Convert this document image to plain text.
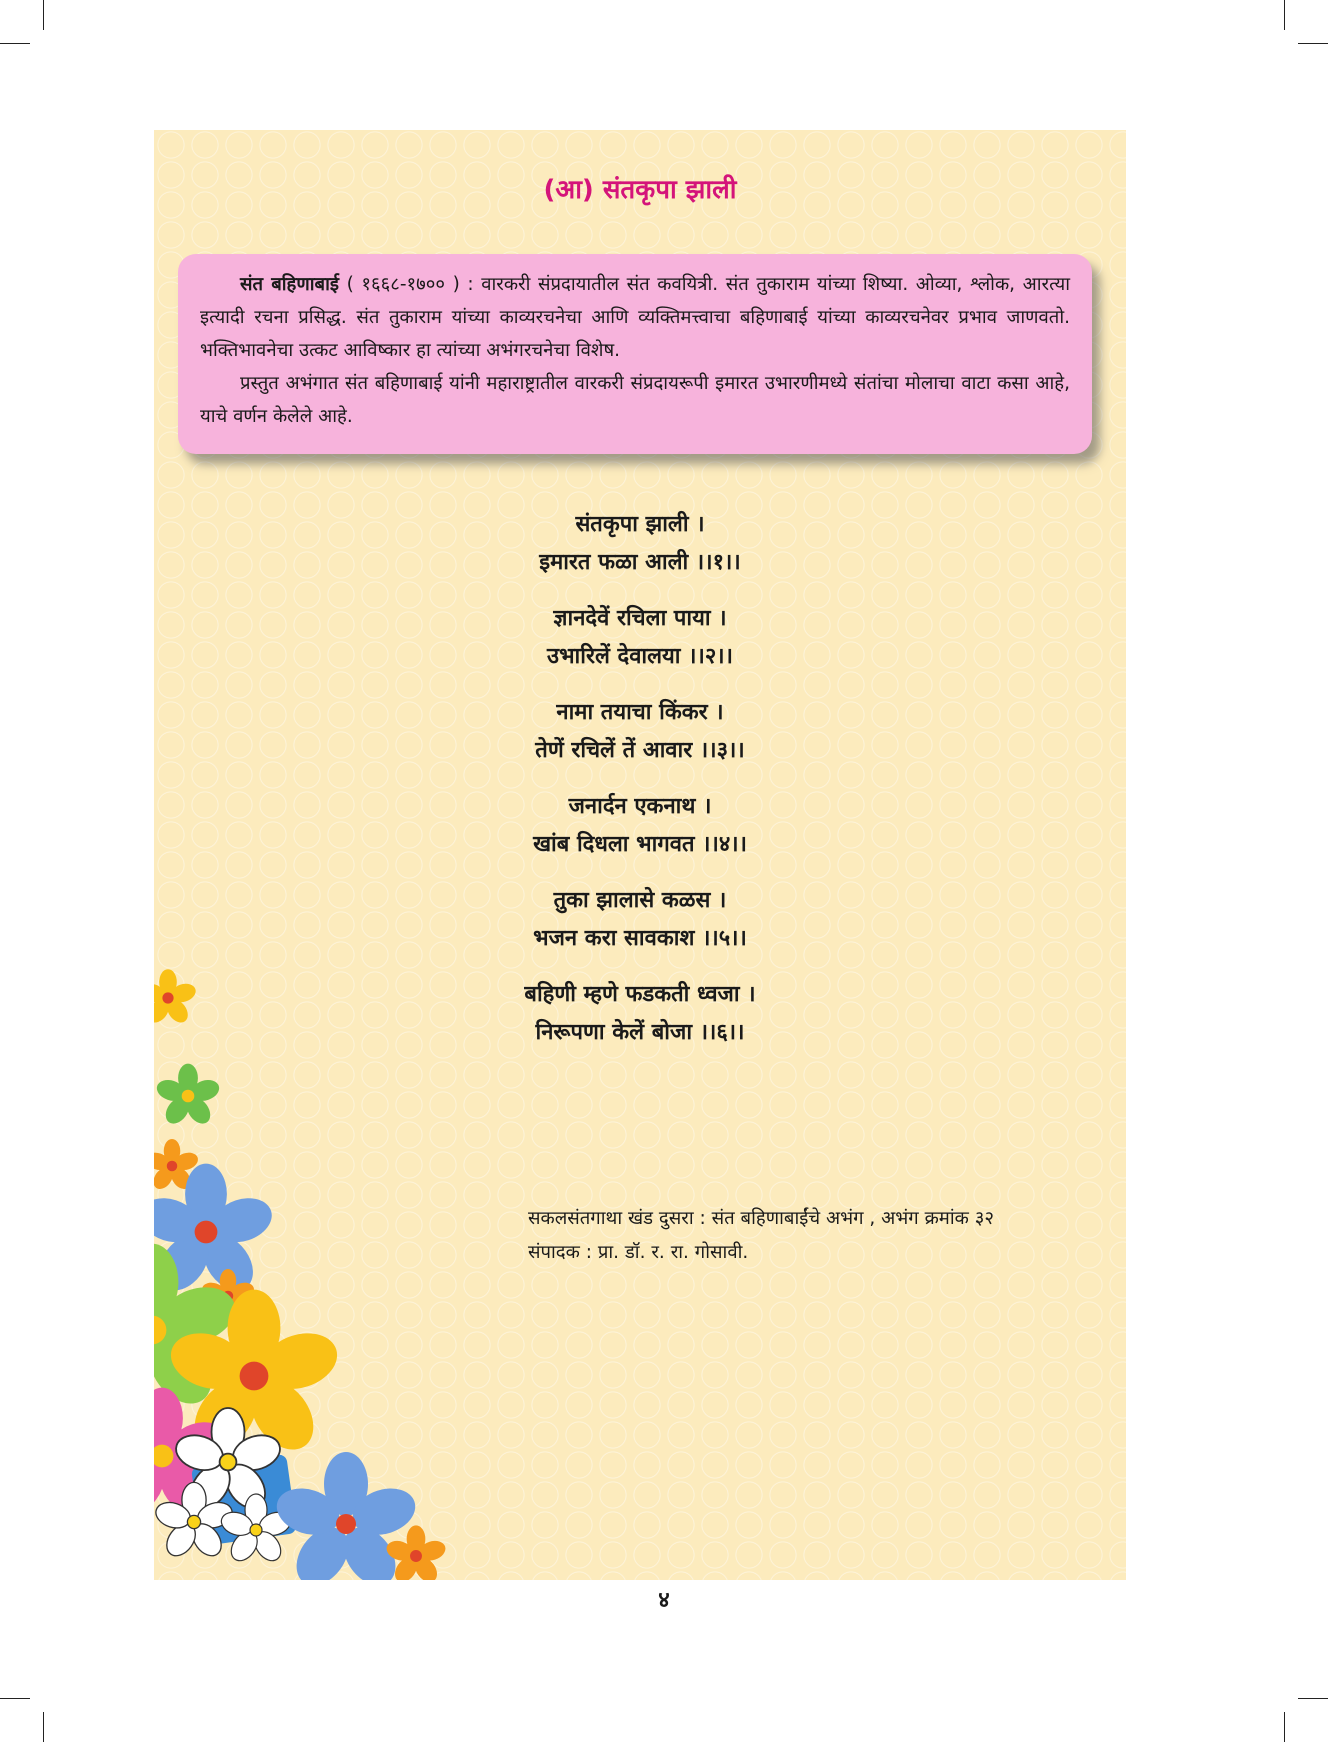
(आ) संतकृपा झाली

संत बहिणाबाई ( १६६८-१७०० ) : वारकरी संप्रदायातील संत कवयित्री. संत तुकाराम यांच्या शिष्या. ओव्या, श्लोक, आरत्या इत्यादी रचना प्रसिद्ध. संत तुकाराम यांच्या काव्यरचनेचा आणि व्यक्तिमत्त्वाचा बहिणाबाई यांच्या काव्यरचनेवर प्रभाव जाणवतो. भक्तिभावनेचा उत्कट आविष्कार हा त्यांच्या अभंगरचनेचा विशेष.

प्रस्तुत अभंगात संत बहिणाबाई यांनी महाराष्ट्रातील वारकरी संप्रदायरूपी इमारत उभारणीमध्ये संतांचा मोलाचा वाटा कसा आहे, याचे वर्णन केलेले आहे.

संतकृपा झाली ।
इमारत फळा आली ।।१।।
ज्ञानदेवें रचिला पाया ।
उभारिलें देवालया ।।२।।
नामा तयाचा किंकर ।
तेणें रचिलें तें आवार ।।३।।
जनार्दन एकनाथ ।
खांब दिधला भागवत ।।४।।
तुका झालासे कळस ।
भजन करा सावकाश ।।५।।
बहिणी म्हणे फडकती ध्वजा ।
निरूपणा केलें बोजा ।।६।।
सकलसंतगाथा खंड दुसरा : संत बहिणाबाईंचे अभंग , अभंग क्रमांक ३२
संपादक : प्रा. डॉ. र. रा. गोसावी.
४
